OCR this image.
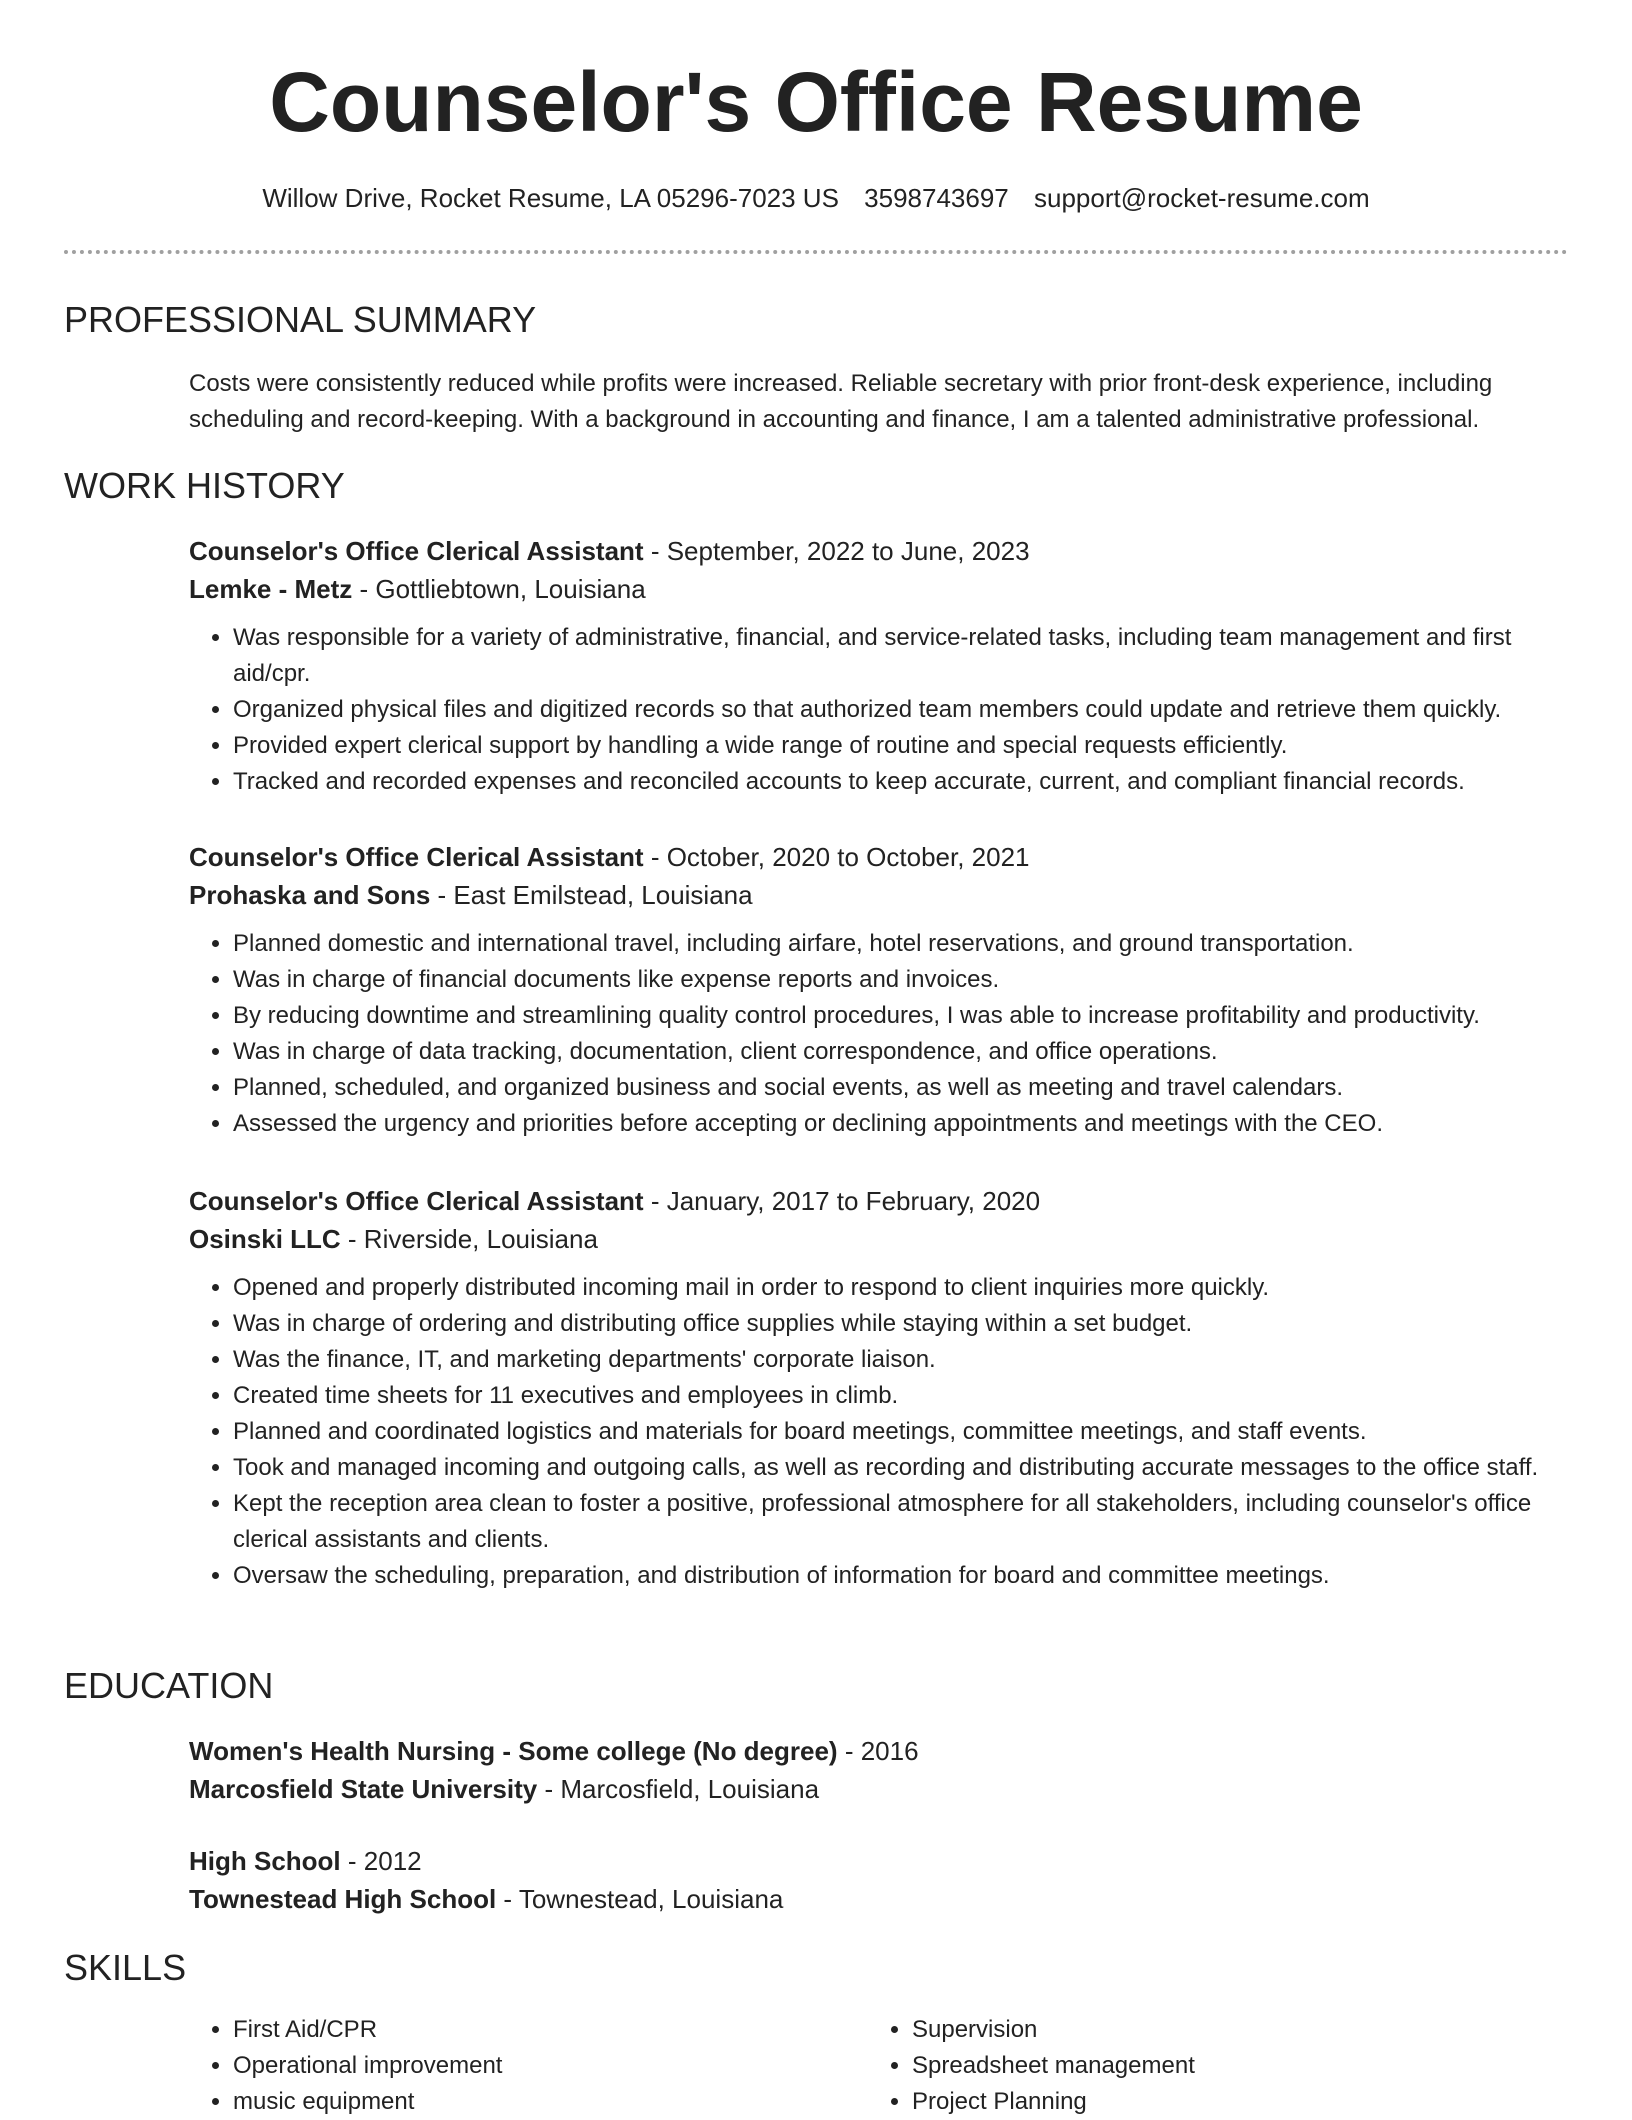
Counselor's Office Resume
Willow Drive, Rocket Resume, LA 05296-7023 US 3598743697 support@rocket-resume.com
PROFESSIONAL SUMMARY

Costs were consistently reduced while profits were increased. Reliable secretary with prior front-desk experience, including scheduling and record-keeping. With a background in accounting and finance, I am a talented administrative professional.

WORK HISTORY

Counselor's Office Clerical Assistant - September, 2022 to June, 2023

Lemke - Metz - Gottliebtown, Louisiana

• Was responsible for a variety of administrative, financial, and service-related tasks, including team management and first aid/cpr.
• Organized physical files and digitized records so that authorized team members could update and retrieve them quickly.
• Provided expert clerical support by handling a wide range of routine and special requests efficiently.
• Tracked and recorded expenses and reconciled accounts to keep accurate, current, and compliant financial records.

Counselor's Office Clerical Assistant - October, 2020 to October, 2021

Prohaska and Sons - East Emilstead, Louisiana

• Planned domestic and international travel, including airfare, hotel reservations, and ground transportation.
• Was in charge of financial documents like expense reports and invoices.
• By reducing downtime and streamlining quality control procedures, I was able to increase profitability and productivity.
• Was in charge of data tracking, documentation, client correspondence, and office operations.
• Planned, scheduled, and organized business and social events, as well as meeting and travel calendars.
• Assessed the urgency and priorities before accepting or declining appointments and meetings with the CEO.

Counselor's Office Clerical Assistant - January, 2017 to February, 2020

Osinski LLC - Riverside, Louisiana

• Opened and properly distributed incoming mail in order to respond to client inquiries more quickly.
• Was in charge of ordering and distributing office supplies while staying within a set budget.
• Was the finance, IT, and marketing departments' corporate liaison.
• Created time sheets for 11 executives and employees in climb.
• Planned and coordinated logistics and materials for board meetings, committee meetings, and staff events.
• Took and managed incoming and outgoing calls, as well as recording and distributing accurate messages to the office staff.
• Kept the reception area clean to foster a positive, professional atmosphere for all stakeholders, including counselor's office clerical assistants and clients.
• Oversaw the scheduling, preparation, and distribution of information for board and committee meetings.
EDUCATION

Women's Health Nursing - Some college (No degree) - 2016

Marcosfield State University - Marcosfield, Louisiana

High School - 2012

Townestead High School - Townestead, Louisiana

SKILLS
• First Aid/CPR
• Operational improvement
• music equipment
• Supervision
• Spreadsheet management
• Project Planning
